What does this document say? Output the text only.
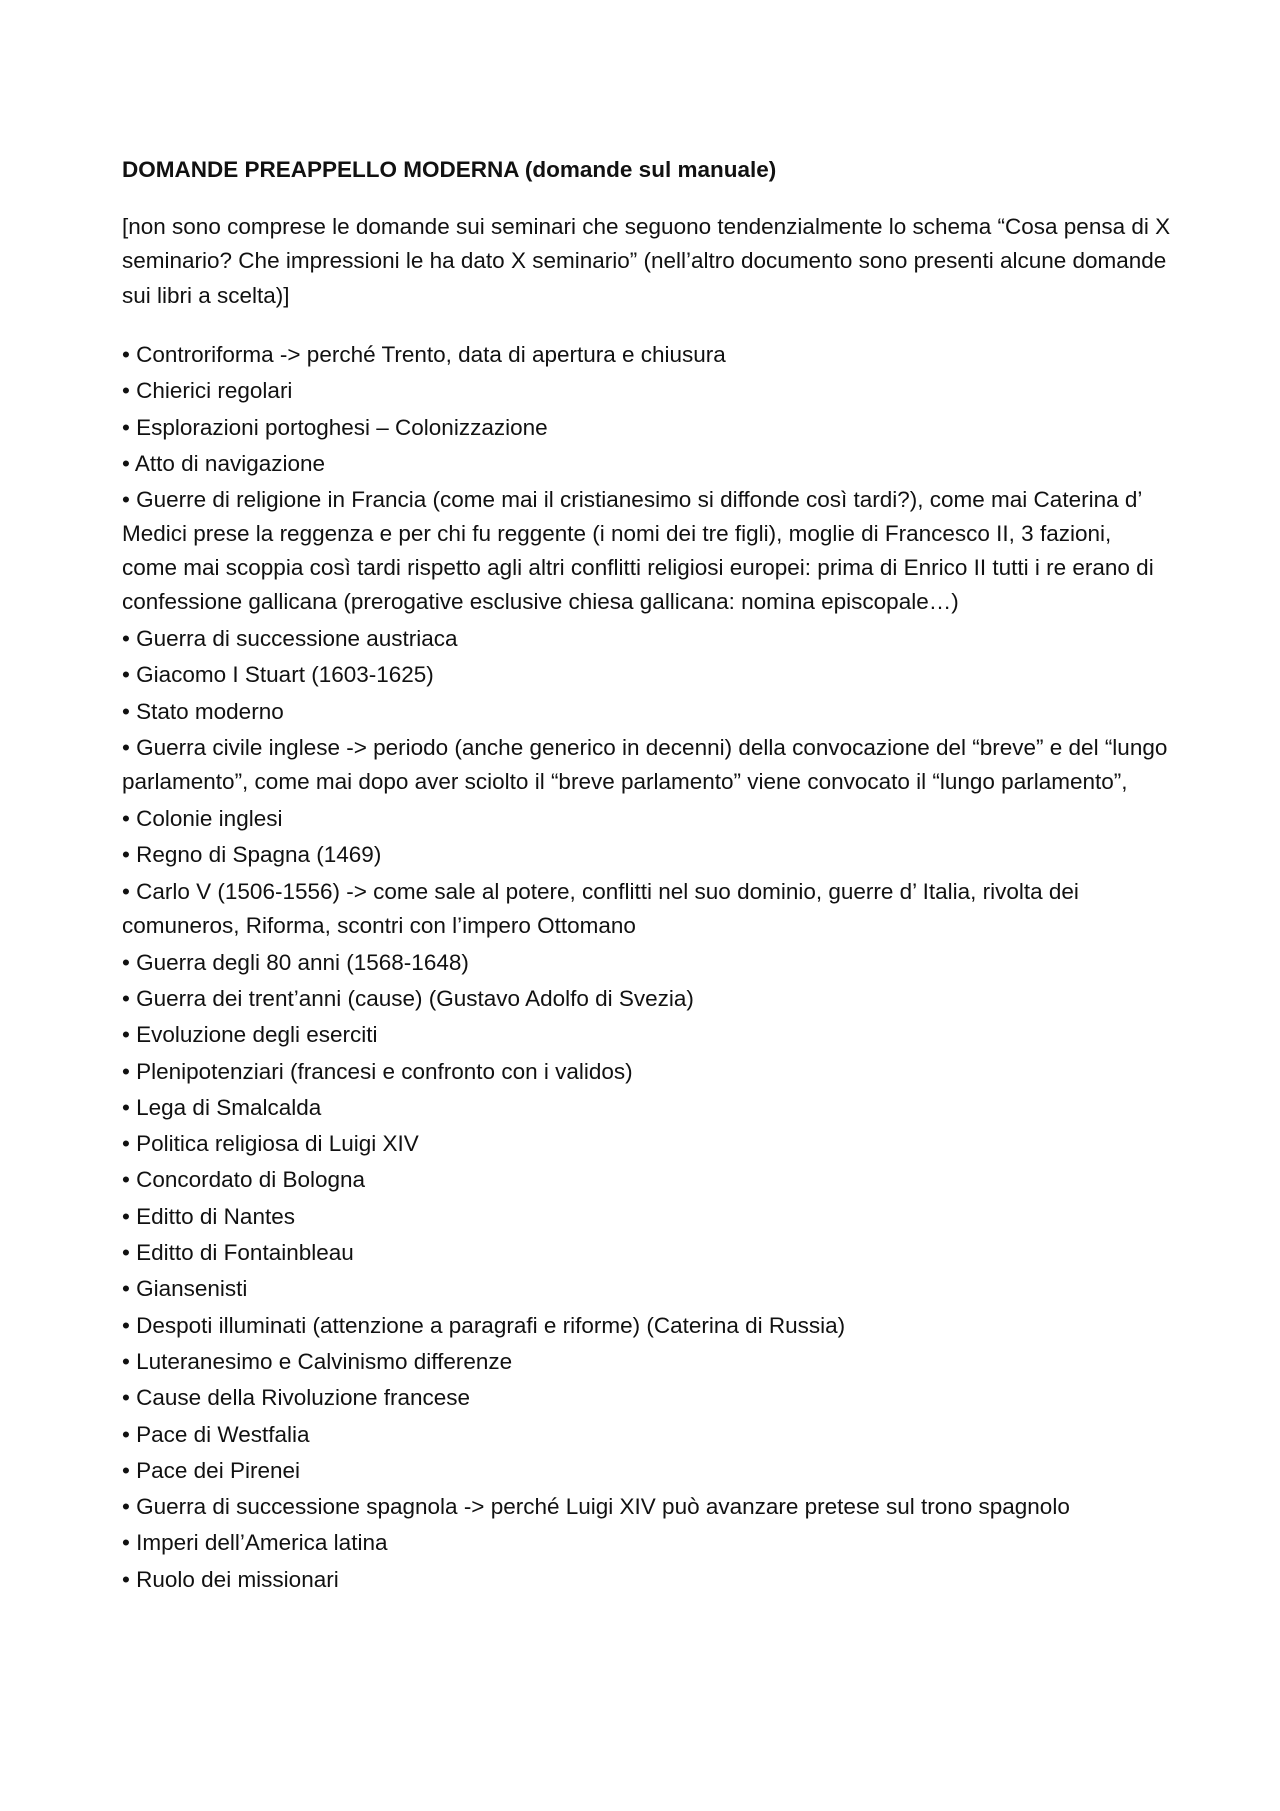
DOMANDE PREAPPELLO MODERNA (domande sul manuale)
[non sono comprese le domande sui seminari che seguono tendenzialmente lo schema “Cosa pensa di X seminario? Che impressioni le ha dato X seminario” (nell’altro documento sono presenti alcune domande sui libri a scelta)]
• Controriforma -> perché Trento, data di apertura e chiusura
• Chierici regolari
• Esplorazioni portoghesi – Colonizzazione
• Atto di navigazione
• Guerre di religione in Francia (come mai il cristianesimo si diffonde così tardi?), come mai Caterina d’ Medici prese la reggenza e per chi fu reggente (i nomi dei tre figli), moglie di Francesco II, 3 fazioni, come mai scoppia così tardi rispetto agli altri conflitti religiosi europei: prima di Enrico II tutti i re erano di confessione gallicana (prerogative esclusive chiesa gallicana: nomina episcopale…)
• Guerra di successione austriaca
• Giacomo I Stuart (1603-1625)
• Stato moderno
• Guerra civile inglese -> periodo (anche generico in decenni) della convocazione del “breve” e del “lungo parlamento”, come mai dopo aver sciolto il “breve parlamento” viene convocato il “lungo parlamento”,
• Colonie inglesi
• Regno di Spagna (1469)
• Carlo V (1506-1556) -> come sale al potere, conflitti nel suo dominio, guerre d’ Italia, rivolta dei comuneros, Riforma, scontri con l’impero Ottomano
• Guerra degli 80 anni (1568-1648)
• Guerra dei trent’anni (cause) (Gustavo Adolfo di Svezia)
• Evoluzione degli eserciti
• Plenipotenziari (francesi e confronto con i validos)
• Lega di Smalcalda
• Politica religiosa di Luigi XIV
• Concordato di Bologna
• Editto di Nantes
• Editto di Fontainbleau
• Giansenisti
• Despoti illuminati (attenzione a paragrafi e riforme) (Caterina di Russia)
• Luteranesimo e Calvinismo differenze
• Cause della Rivoluzione francese
• Pace di Westfalia
• Pace dei Pirenei
• Guerra di successione spagnola -> perché Luigi XIV può avanzare pretese sul trono spagnolo
• Imperi dell’America latina
• Ruolo dei missionari
